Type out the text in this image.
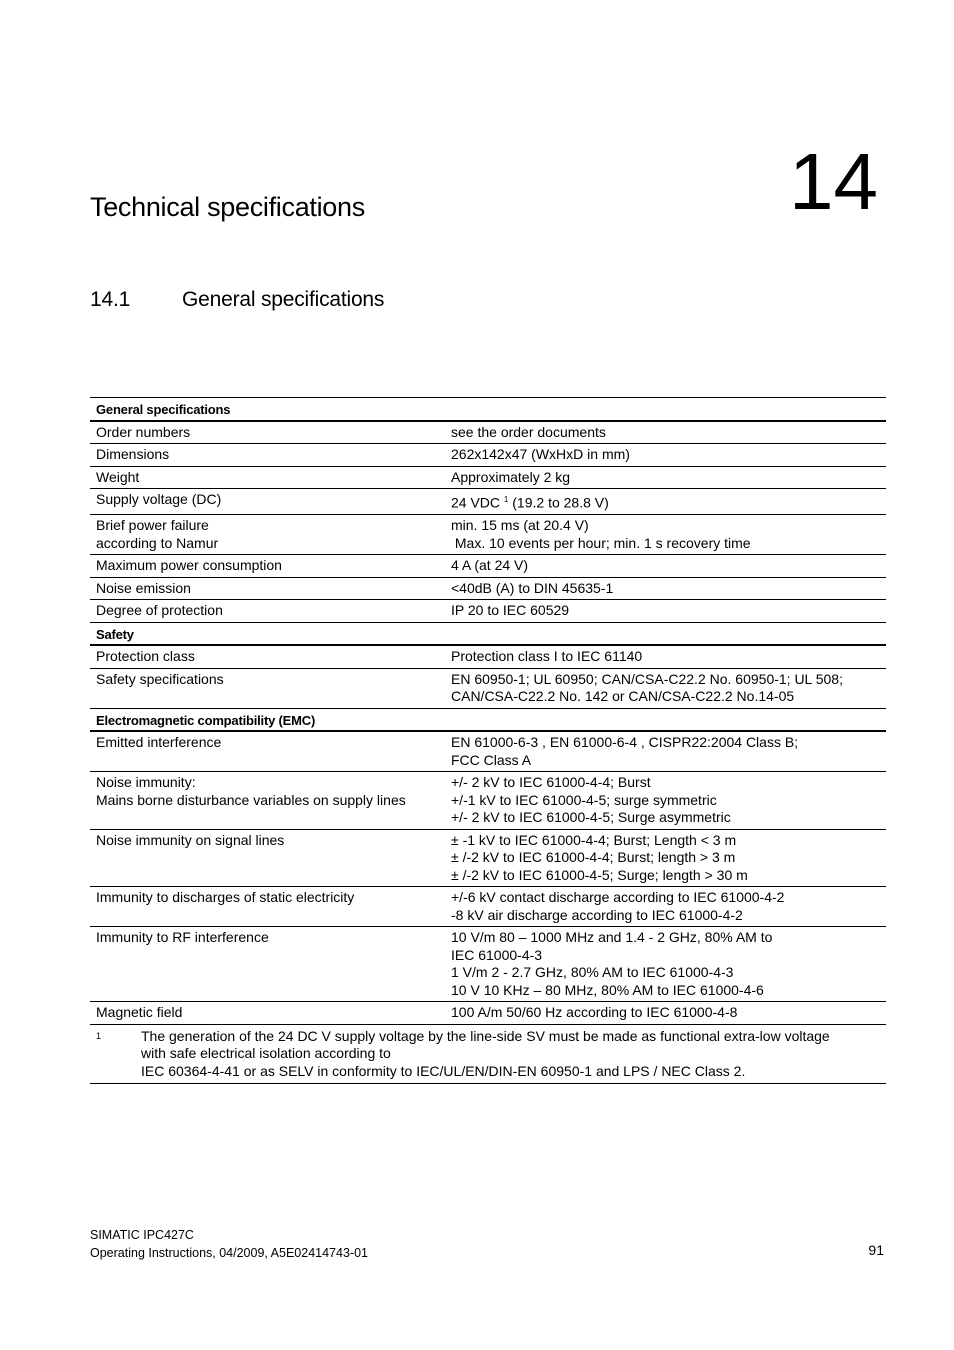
14
Technical specifications
14.1 General specifications
General specifications	

Order numbers	see the order documents

Dimensions	262x142x47 (WxHxD in mm)

Weight	Approximately 2 kg

Supply voltage (DC)	24 VDC $^1$ (19.2 to 28.8 V)

Brief power failure
according to Namur	min. 15 ms (at 20.4 V)
Max. 10 events per hour; min. 1 s recovery time

Maximum power consumption	4 A (at 24 V)

Noise emission	<40dB (A) to DIN 45635-1

Degree of protection	IP 20 to IEC 60529

Safety	

Protection class	Protection class I to IEC 61140

Safety specifications	EN 60950-1; UL 60950; CAN/CSA-C22.2 No. 60950-1; UL 508;
CAN/CSA-C22.2 No. 142 or CAN/CSA-C22.2 No.14-05

Electromagnetic compatibility (EMC)	

Emitted interference	EN 61000-6-3 , EN 61000-6-4 , CISPR22:2004 Class B;
FCC Class A

Noise immunity:
Mains borne disturbance variables on supply lines	+/- 2 kV to IEC 61000-4-4; Burst
+/-1 kV to IEC 61000-4-5; surge symmetric
+/- 2 kV to IEC 61000-4-5; Surge asymmetric

Noise immunity on signal lines	± -1 kV to IEC 61000-4-4; Burst; Length < 3 m
± /-2 kV to IEC 61000-4-4; Burst; length > 3 m
± /-2 kV to IEC 61000-4-5; Surge; length > 30 m

Immunity to discharges of static electricity	+/-6 kV contact discharge according to IEC 61000-4-2
-8 kV air discharge according to IEC 61000-4-2

Immunity to RF interference	10 V/m 80 – 1000 MHz and 1.4 - 2 GHz, 80% AM to
IEC 61000-4-3
1 V/m 2 - 2.7 GHz, 80% AM to IEC 61000-4-3
10 V 10 KHz – 80 MHz, 80% AM to IEC 61000-4-6

Magnetic field	100 A/m 50/60 Hz according to IEC 61000-4-8

1 The generation of the 24 DC V supply voltage by the line-side SV must be made as functional extra-low voltage
with safe electrical isolation according to
IEC 60364-4-41 or as SELV in conformity to IEC/UL/EN/DIN-EN 60950-1 and LPS / NEC Class 2.	
SIMATIC IPC427C
Operating Instructions, 04/2009, A5E02414743-01	91
